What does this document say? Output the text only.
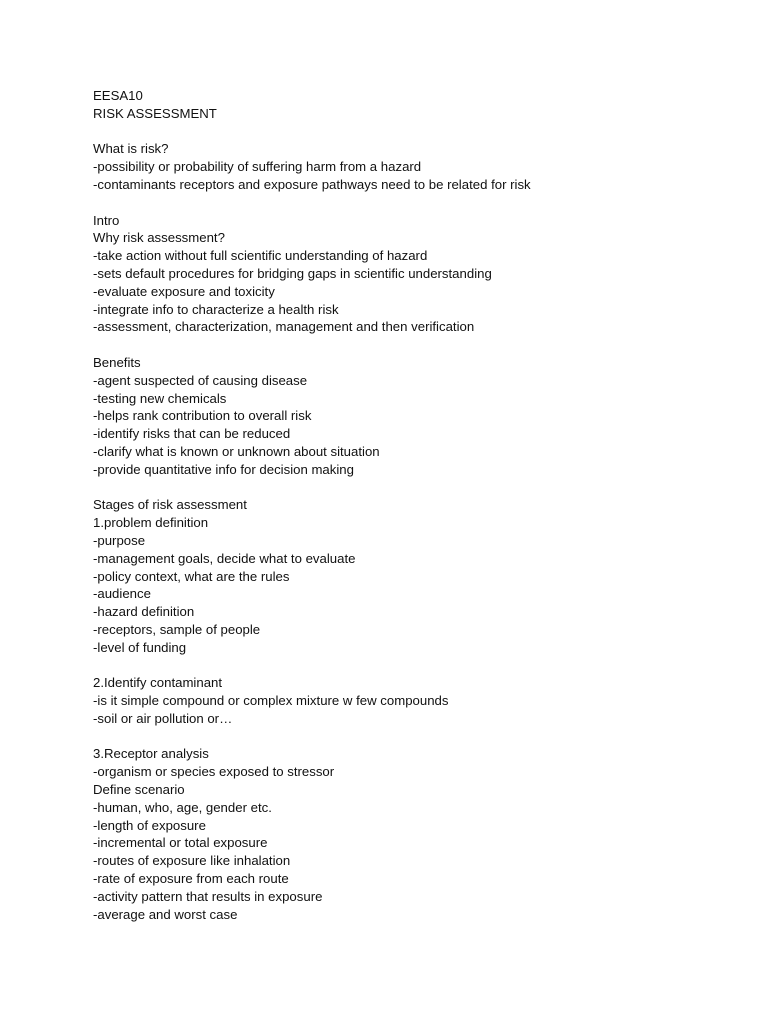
EESA10
RISK ASSESSMENT
What is risk?
-possibility or probability of suffering harm from a hazard
-contaminants receptors and exposure pathways need to be related for risk
Intro
Why risk assessment?
-take action without full scientific understanding of hazard
-sets default procedures for bridging gaps in scientific understanding
-evaluate exposure and toxicity
-integrate info to characterize a health risk
-assessment, characterization, management and then verification
Benefits
-agent suspected of causing disease
-testing new chemicals
-helps rank contribution to overall risk
-identify risks that can be reduced
-clarify what is known or unknown about situation
-provide quantitative info for decision making
Stages of risk assessment
1.problem definition
-purpose
-management goals, decide what to evaluate
-policy context, what are the rules
-audience
-hazard definition
-receptors, sample of people
-level of funding
2.Identify contaminant
-is it simple compound or complex mixture w few compounds
-soil or air pollution or…
3.Receptor analysis
-organism or species exposed to stressor
Define scenario
-human, who, age, gender etc.
-length of exposure
-incremental or total exposure
-routes of exposure like inhalation
-rate of exposure from each route
-activity pattern that results in exposure
-average and worst case
